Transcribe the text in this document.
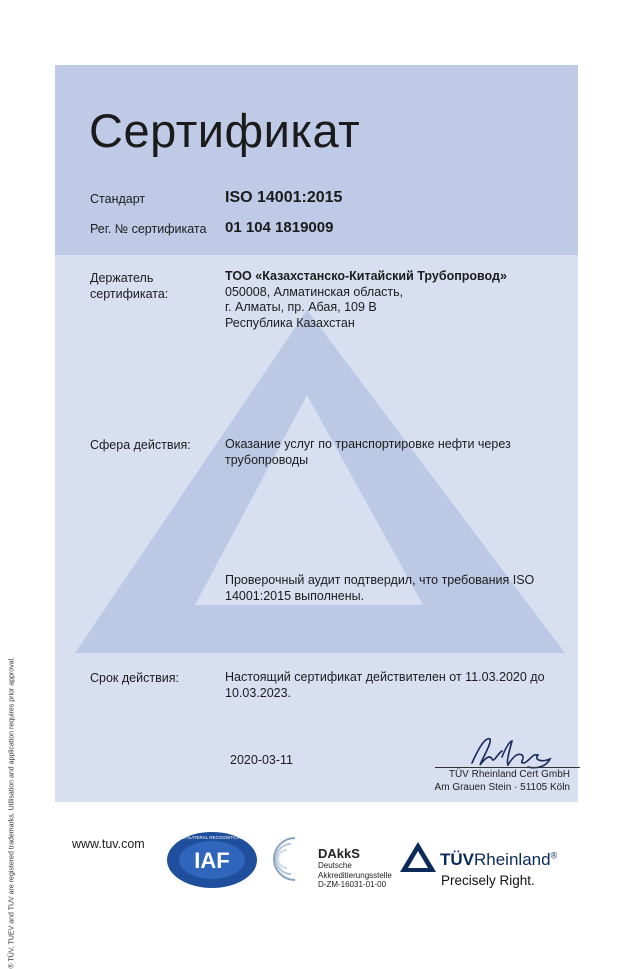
Сертификат
Стандарт	ISO 14001:2015
Рег. № сертификата 01 104 1819009
Держатель
сертификата:
ТОО «Казахстанско-Китайский Трубопровод»
050008, Алматинская область,
г. Алматы, пр. Абая, 109 В
Республика Казахстан
Сфера действия:	Оказание услуг по транспортировке нефти через
трубопроводы
Проверочный аудит подтвердил, что требования ISO
14001:2015 выполнены.
Срок действия:	Настоящий сертификат действителен от 11.03.2020 до
10.03.2023.
2020-03-11
TÜV Rheinland Cert GmbH
Am Grauen Stein · 51105 Köln
® TÜV, TUEV and TUV are registered trademarks. Utilisation and application requires prior approval.	www.tuv.com
IAF
MEMBER OF MULTILATERAL RECOGNITION ARRANGEMENT
DAkkS
Deutsche
Akkreditierungsstelle
D-ZM-16031-01-00
TÜVRheinland®
Precisely Right.
